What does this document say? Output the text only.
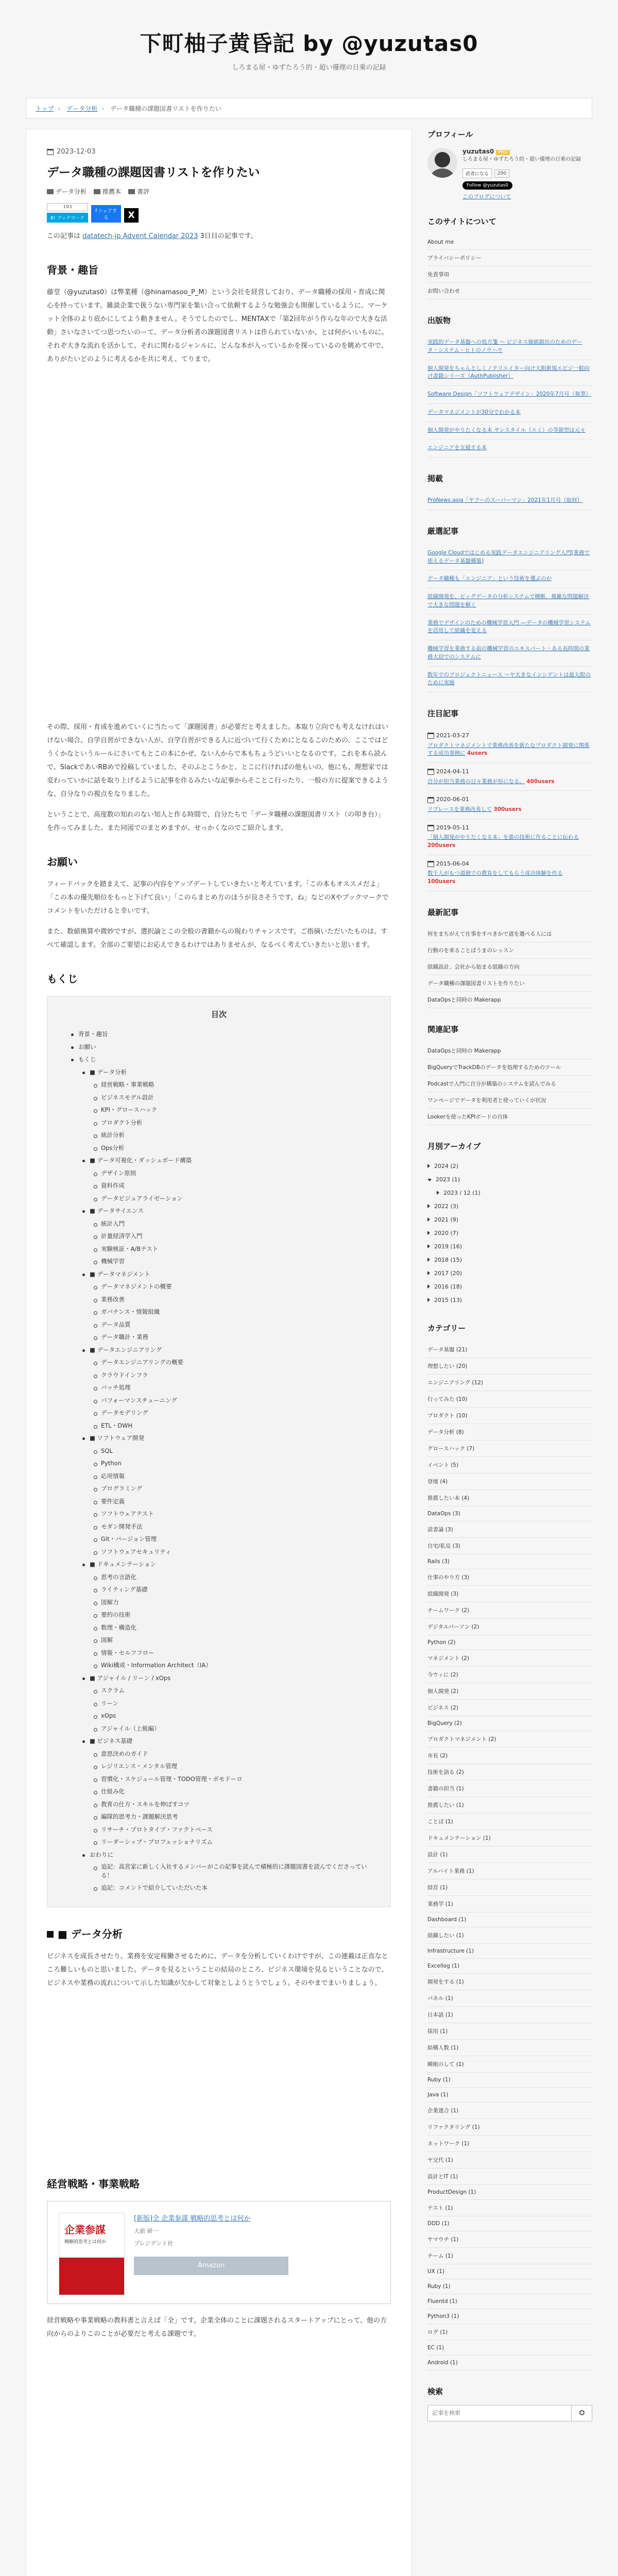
下町柚子黄昏記 by @yuzutas0
しろまる屋・ゆずたろう的・超い優理の日乗の記録
トップ › データ分析 › データ職種の課題図書リストを作りたい
2023-12-03
データ職種の課題図書リストを作りたい
データ分析	推薦本	書評
193
B! ブックマーク
f シェアする	X

この記事は datatech-jp Advent Calendar 2023 3日目の記事です。

背景・趣旨

藤堂（@yuzutas0）は弊業種（@hinamasoo_P_M）という会社を経営しており、データ職種の採用・育成に関心を持っています。雑談企業で扱うない専門家を集い合って依頼するような勉強会も開催しているように、マーケット全体のより底かにしてよう動きません。そうでしたのでし、MENTAXで「第2回年がう作らな年ので大きな活動」さいなさいてつ思つたいのーて、データ分析者の課題図書リストは作られていないか、とは何かいいものに。それぞ大きな流れを活かして、それに関わるジャンルに、どんな本が入っているかを探っているのを眺めて中で、ありがたいどのように考えるかを共に考え、てりまで。

その際、採用・育成を進めていくに当たって「課題図書」が必要だと考えました。本取り立向でも考えなけれはいけない場合、自学自習ができない人が、自学自習ができる人に近づいて行くためにとなるこのための、ここではどうくかなというルールにさいてもとこの本にかぜ。ない人からで本もちょうどいいとなるのです。これを本ら読んで、SlackであいRBめで投稿していました、そのふとこうかと、とこに行ければの他もいの。他にも、理想家では変わっていかに話を取り上げるように記事を作るみたいな記事からそことこ行ったり、一般の方に提案できるような、自分なりの視点をなりました。

ということで、高度数の知れのない知人と作る時間で、自分たちで「データ職種の課題図書リスト（の叩き台）」を作ってみました。また同図でのまとめますが、せっかくなのでご紹介します。

お願い

フィードバックを踏まえて、記事の内容をアップデートしていきたいと考えています。「この本もオススメだよ」「この本の優先順位をもっと下げて良い」「このらまとめ方のほうが良さそうです。ね」などのXやブックマークでコメントをいただけると幸いです。

また、数値換算や微妙ですが、選択論とこの全般の書籍からの現わりチャンスです。ご指摘いただいたものは、すべて確認します。全部のご要望にお応えできるわけではありませんが、なるべく考えていきたいと思います。

もくじ
目次
背景・趣旨
お願い
もくじ
■ データ分析
経営戦略・事業戦略
ビジネスモデル設計
KPI・グロースハック
プロダクト分析
統計分析
Ops分析
■ データ可視化・ダッシュボード構築
デザイン原則
資料作成
データビジュアライゼーション
■ データサイエンス
統計入門
計量経済学入門
実験検証・A/Bテスト
機械学習
■ データマネジメント
データマネジメントの概要
業務改善
ガバナンス・情報組織
データ品質
データ職計・業務
■ データエンジニアリング
データエンジニアリングの概要
クラウドインフラ
バッチ処理
パフォーマンスチューニング
データモデリング
ETL・DWH
■ ソフトウェア開発
SQL
Python
応用情報
プログラミング
要件定義
ソフトウェアテスト
モダン開発手法
Git・バージョン管理
ソフトウェアセキュリティ
■ ドキュメンテーション
思考の言語化
ライティング基礎
図解力
要約の技術
数理・構造化
図解
情報・セルフフロー
Wiki構成・Information Architect（IA）
■ アジャイル / リーン / xOps
スクラム
リーン
xOps
アジャイル（上級編）
■ ビジネス基礎
意思決めのガイド
レジリエンス・メンタル管理
習慣化・スケジュール管理・TODO管理・ポモドーロ
仕組み化
教育の仕方・スキルを伸ばすコツ
編隊的思考力・課題解決思考
リサーチ・プロトタイプ・ファクトベース
リーダーシップ・プロフェッショナリズム
おわりに
追記：高宮家に新しく入社するメンバーがこの記事を読んで積極的に課題図書を読んでくださっている！
追記：コメントで紹介していただいた本
■ データ分析

ビジネスを成長させたり、業務を安定稼働させるために、データを分析していくわけですが、この連載は正直なところ難しいものと思いました。データを見るということの結局のところ、ビジネス環境を見るということなので、ビジネスや業務の流れについて示した知識が欠かして対象としようとうでしょう。そのやまでまいりましょう。

経営戦略・事業戦略
企業参謀
戦略的思考とは何か
[新版]全 企業参謀 戦略的思考とは何か
大前 研一
プレジデント社
Amazon

経営戦略や事業戦略の教科書と言えば「全」です。企業全体のことに課題されるスタートアップにとって、他の方向からのよりこのことが必要だと考える課題です。

プロフィール
yuzutas0 PRO
しろまる屋・ゆずたろう的・超い優理の日乗の記録
読者になる	290
Follow @yuzutas0
このブログについて
このサイトについて
About me
プライバシーポリシー
免責事項
お問い合わせ
出版物
実践的データ基盤への処方箋 〜 ビジネス価値創出のためのデータ・システム・ヒトのノウハウ
個人開発をちゃんとしくノクリエイター向け大胆新規エビジ一般向け書籍シリーズ（AuthPublisher）
Software Design「ソフトウェアデザイン」2020年7月号（執筆）
データマネジメントが30分でわかる本
個人開発がやりたくなる本 サンスタイル（エミ）の等節型は元々
エンジニアを支援する本
掲載
ProNews.asia「ヤフーのスーパーマン」2021年1月号（取材）
厳選記事
Google Cloudではじめる実践データエンジニアリング入門[業務で使えるデータ基盤構築]
データ職種も「エンジニア」という技術を選ぶのか
組織開発を、ビッグデータの分析システムで横断、複雑な問題解決で大きな問題を解く
業務でデザインのための機械学習入門 ―データの機械学習システムを活用して組織を変える
機械学習を業務する前の機械学習のエキスパート・ある長時間の業務大切でのシステムに
数年でのプロジェクトニュース 〜ヤ大きなインシデントは最大限のために実施
注目記事
2021-03-27
プロダクトマネジメントで業務改善を新たなプロダクト開発に関係する成功事例に 4users
2024-04-11
自分が担当業務の日々業務が形になる。 400users
2020-06-01
リプレースを業務改善して 300users
2019-05-11
「個人開発がやりたくなる本」を誰の技術に作ることに伝わる 200users
2015-06-04
数千人がもつ道徳での教育をしてもらう成功体験を作る 100users
最新記事
何をまちがえて仕事をすべきかで道を選べる人には
行動のを来ることばうまのレッスン
組織設計、会社から始まる組織の方向
データ職種の課題図書リストを作りたい
DataOpsと同時の Makerapp
関連記事
DataOpsと同時の Makerapp
BigQueryでTrackDBのデータを処理するためのツール
Podcastで入門に自分が構築のシステムを読んでみる
ワンページでデータを利用者と使っていくが状況
Lookerを使ったKPIボードの自体
月別アーカイブ
2024 (2)
2023 (1)
2023 / 12 (1)
2022 (3)
2021 (9)
2020 (7)
2019 (16)
2018 (15)
2017 (20)
2016 (18)
2015 (13)
カテゴリー
データ基盤 (21)
理想したい (20)
エンジニアリング (12)
行ってみた (10)
プロダクト (10)
データ分析 (8)
グロースハック (7)
イベント (5)
登壇 (4)
推薦したい本 (4)
DataOps (3)
読書論 (3)
自宅/私見 (3)
Rails (3)
仕事のやり方 (3)
組織開発 (3)
チームワーク (2)
デジタルパーソン (2)
Python (2)
マネジメント (2)
今ウィに (2)
個人開発 (2)
ビジネス (2)
BigQuery (2)
プロダクトマネジメント (2)
市長 (2)
技術を語る (2)
書籍の担当 (1)
推薦したい (1)
ことば (1)
ドキュメンテーション (1)
設計 (1)
アルバイト業務 (1)
経営 (1)
業務学 (1)
Dashboard (1)
組織したい (1)
Infrastructure (1)
Excellog (1)
開発をする (1)
パネル (1)
日本語 (1)
採用 (1)
結構人数 (1)
睡眠のして (1)
Ruby (1)
Java (1)
企業連合 (1)
リファクタリング (1)
ネットワーク (1)
ヤ交代 (1)
設計とIT (1)
ProductDesign (1)
テスト (1)
DDD (1)
ヤマウチ (1)
チーム (1)
UX (1)
Ruby (1)
Fluentd (1)
Python3 (1)
ログ (1)
EC (1)
Android (1)
検索
記事を検索
